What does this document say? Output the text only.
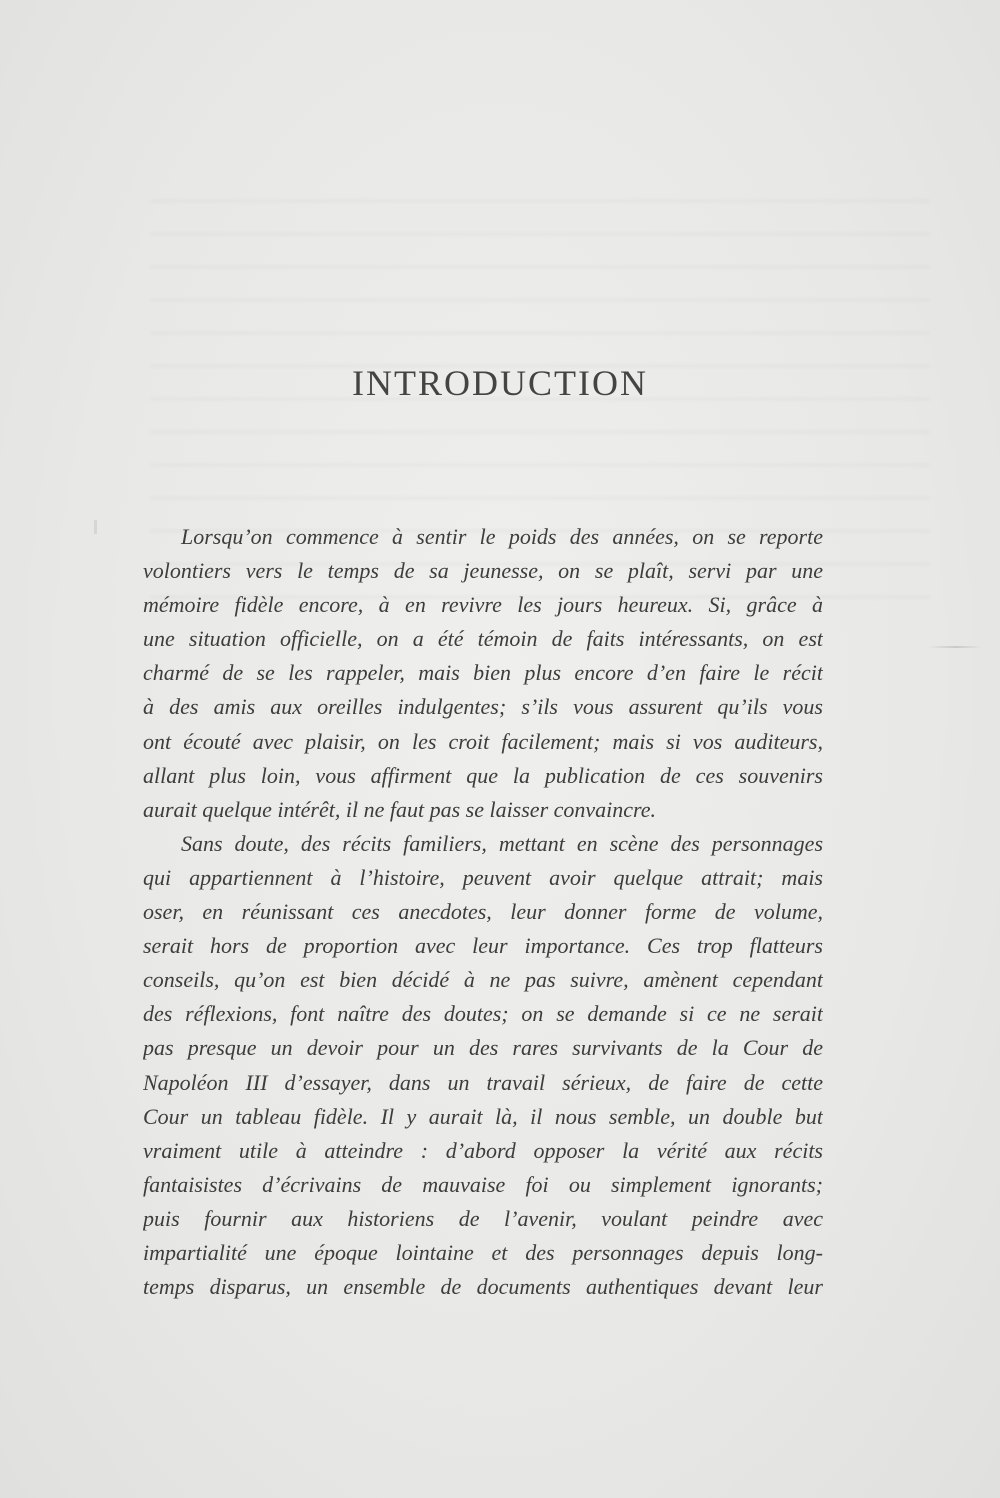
INTRODUCTION
Lorsqu’on commence à sentir le poids des années, on se reporte
volontiers vers le temps de sa jeunesse, on se plaît, servi par une
mémoire fidèle encore, à en revivre les jours heureux. Si, grâce à
une situation officielle, on a été témoin de faits intéressants, on est
charmé de se les rappeler, mais bien plus encore d’en faire le récit
à des amis aux oreilles indulgentes; s’ils vous assurent qu’ils vous
ont écouté avec plaisir, on les croit facilement; mais si vos auditeurs,
allant plus loin, vous affirment que la publication de ces souvenirs
aurait quelque intérêt, il ne faut pas se laisser convaincre.
Sans doute, des récits familiers, mettant en scène des personnages
qui appartiennent à l’histoire, peuvent avoir quelque attrait; mais
oser, en réunissant ces anecdotes, leur donner forme de volume,
serait hors de proportion avec leur importance. Ces trop flatteurs
conseils, qu’on est bien décidé à ne pas suivre, amènent cependant
des réflexions, font naître des doutes; on se demande si ce ne serait
pas presque un devoir pour un des rares survivants de la Cour de
Napoléon III d’essayer, dans un travail sérieux, de faire de cette
Cour un tableau fidèle. Il y aurait là, il nous semble, un double but
vraiment utile à atteindre : d’abord opposer la vérité aux récits
fantaisistes d’écrivains de mauvaise foi ou simplement ignorants;
puis fournir aux historiens de l’avenir, voulant peindre avec
impartialité une époque lointaine et des personnages depuis long-
temps disparus, un ensemble de documents authentiques devant leur
